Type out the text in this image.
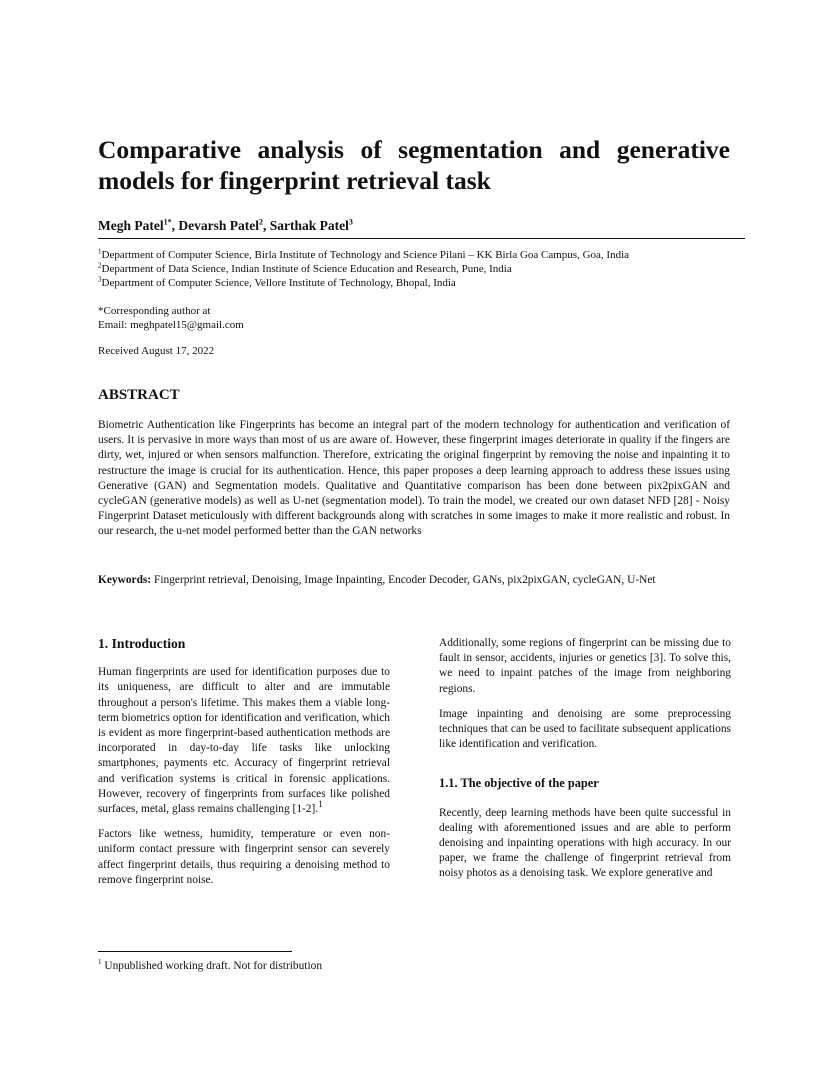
Comparative analysis of segmentation and generative models for fingerprint retrieval task
Megh Patel$^{1*}$, Devarsh Patel$^2$, Sarthak Patel$^3$
$^1$Department of Computer Science, Birla Institute of Technology and Science Pilani – KK Birla Goa Campus, Goa, India
$^2$Department of Data Science, Indian Institute of Science Education and Research, Pune, India
$^3$Department of Computer Science, Vellore Institute of Technology, Bhopal, India
*Corresponding author at
Email: meghpatel15@gmail.com
Received August 17, 2022
ABSTRACT
Biometric Authentication like Fingerprints has become an integral part of the modern technology for authentication and verification of users. It is pervasive in more ways than most of us are aware of. However, these fingerprint images deteriorate in quality if the fingers are dirty, wet, injured or when sensors malfunction. Therefore, extricating the original fingerprint by removing the noise and inpainting it to restructure the image is crucial for its authentication. Hence, this paper proposes a deep learning approach to address these issues using Generative (GAN) and Segmentation models. Qualitative and Quantitative comparison has been done between pix2pixGAN and cycleGAN (generative models) as well as U-net (segmentation model). To train the model, we created our own dataset NFD [28] - Noisy Fingerprint Dataset meticulously with different backgrounds along with scratches in some images to make it more realistic and robust. In our research, the u-net model performed better than the GAN networks
Keywords: Fingerprint retrieval, Denoising, Image Inpainting, Encoder Decoder, GANs, pix2pixGAN, cycleGAN, U-Net
1. Introduction

Human fingerprints are used for identification purposes due to its uniqueness, are difficult to alter and are immutable throughout a person's lifetime. This makes them a viable long-term biometrics option for identification and verification, which is evident as more fingerprint-based authentication methods are incorporated in day-to-day life tasks like unlocking smartphones, payments etc. Accuracy of fingerprint retrieval and verification systems is critical in forensic applications. However, recovery of fingerprints from surfaces like polished surfaces, metal, glass remains challenging [1-2].$^1$

Factors like wetness, humidity, temperature or even non-uniform contact pressure with fingerprint sensor can severely affect fingerprint details, thus requiring a denoising method to remove fingerprint noise.

Additionally, some regions of fingerprint can be missing due to fault in sensor, accidents, injuries or genetics [3]. To solve this, we need to inpaint patches of the image from neighboring regions.

Image inpainting and denoising are some preprocessing techniques that can be used to facilitate subsequent applications like identification and verification.

1.1. The objective of the paper

Recently, deep learning methods have been quite successful in dealing with aforementioned issues and are able to perform denoising and inpainting operations with high accuracy. In our paper, we frame the challenge of fingerprint retrieval from noisy photos as a denoising task. We explore generative and

$^1$ Unpublished working draft. Not for distribution
